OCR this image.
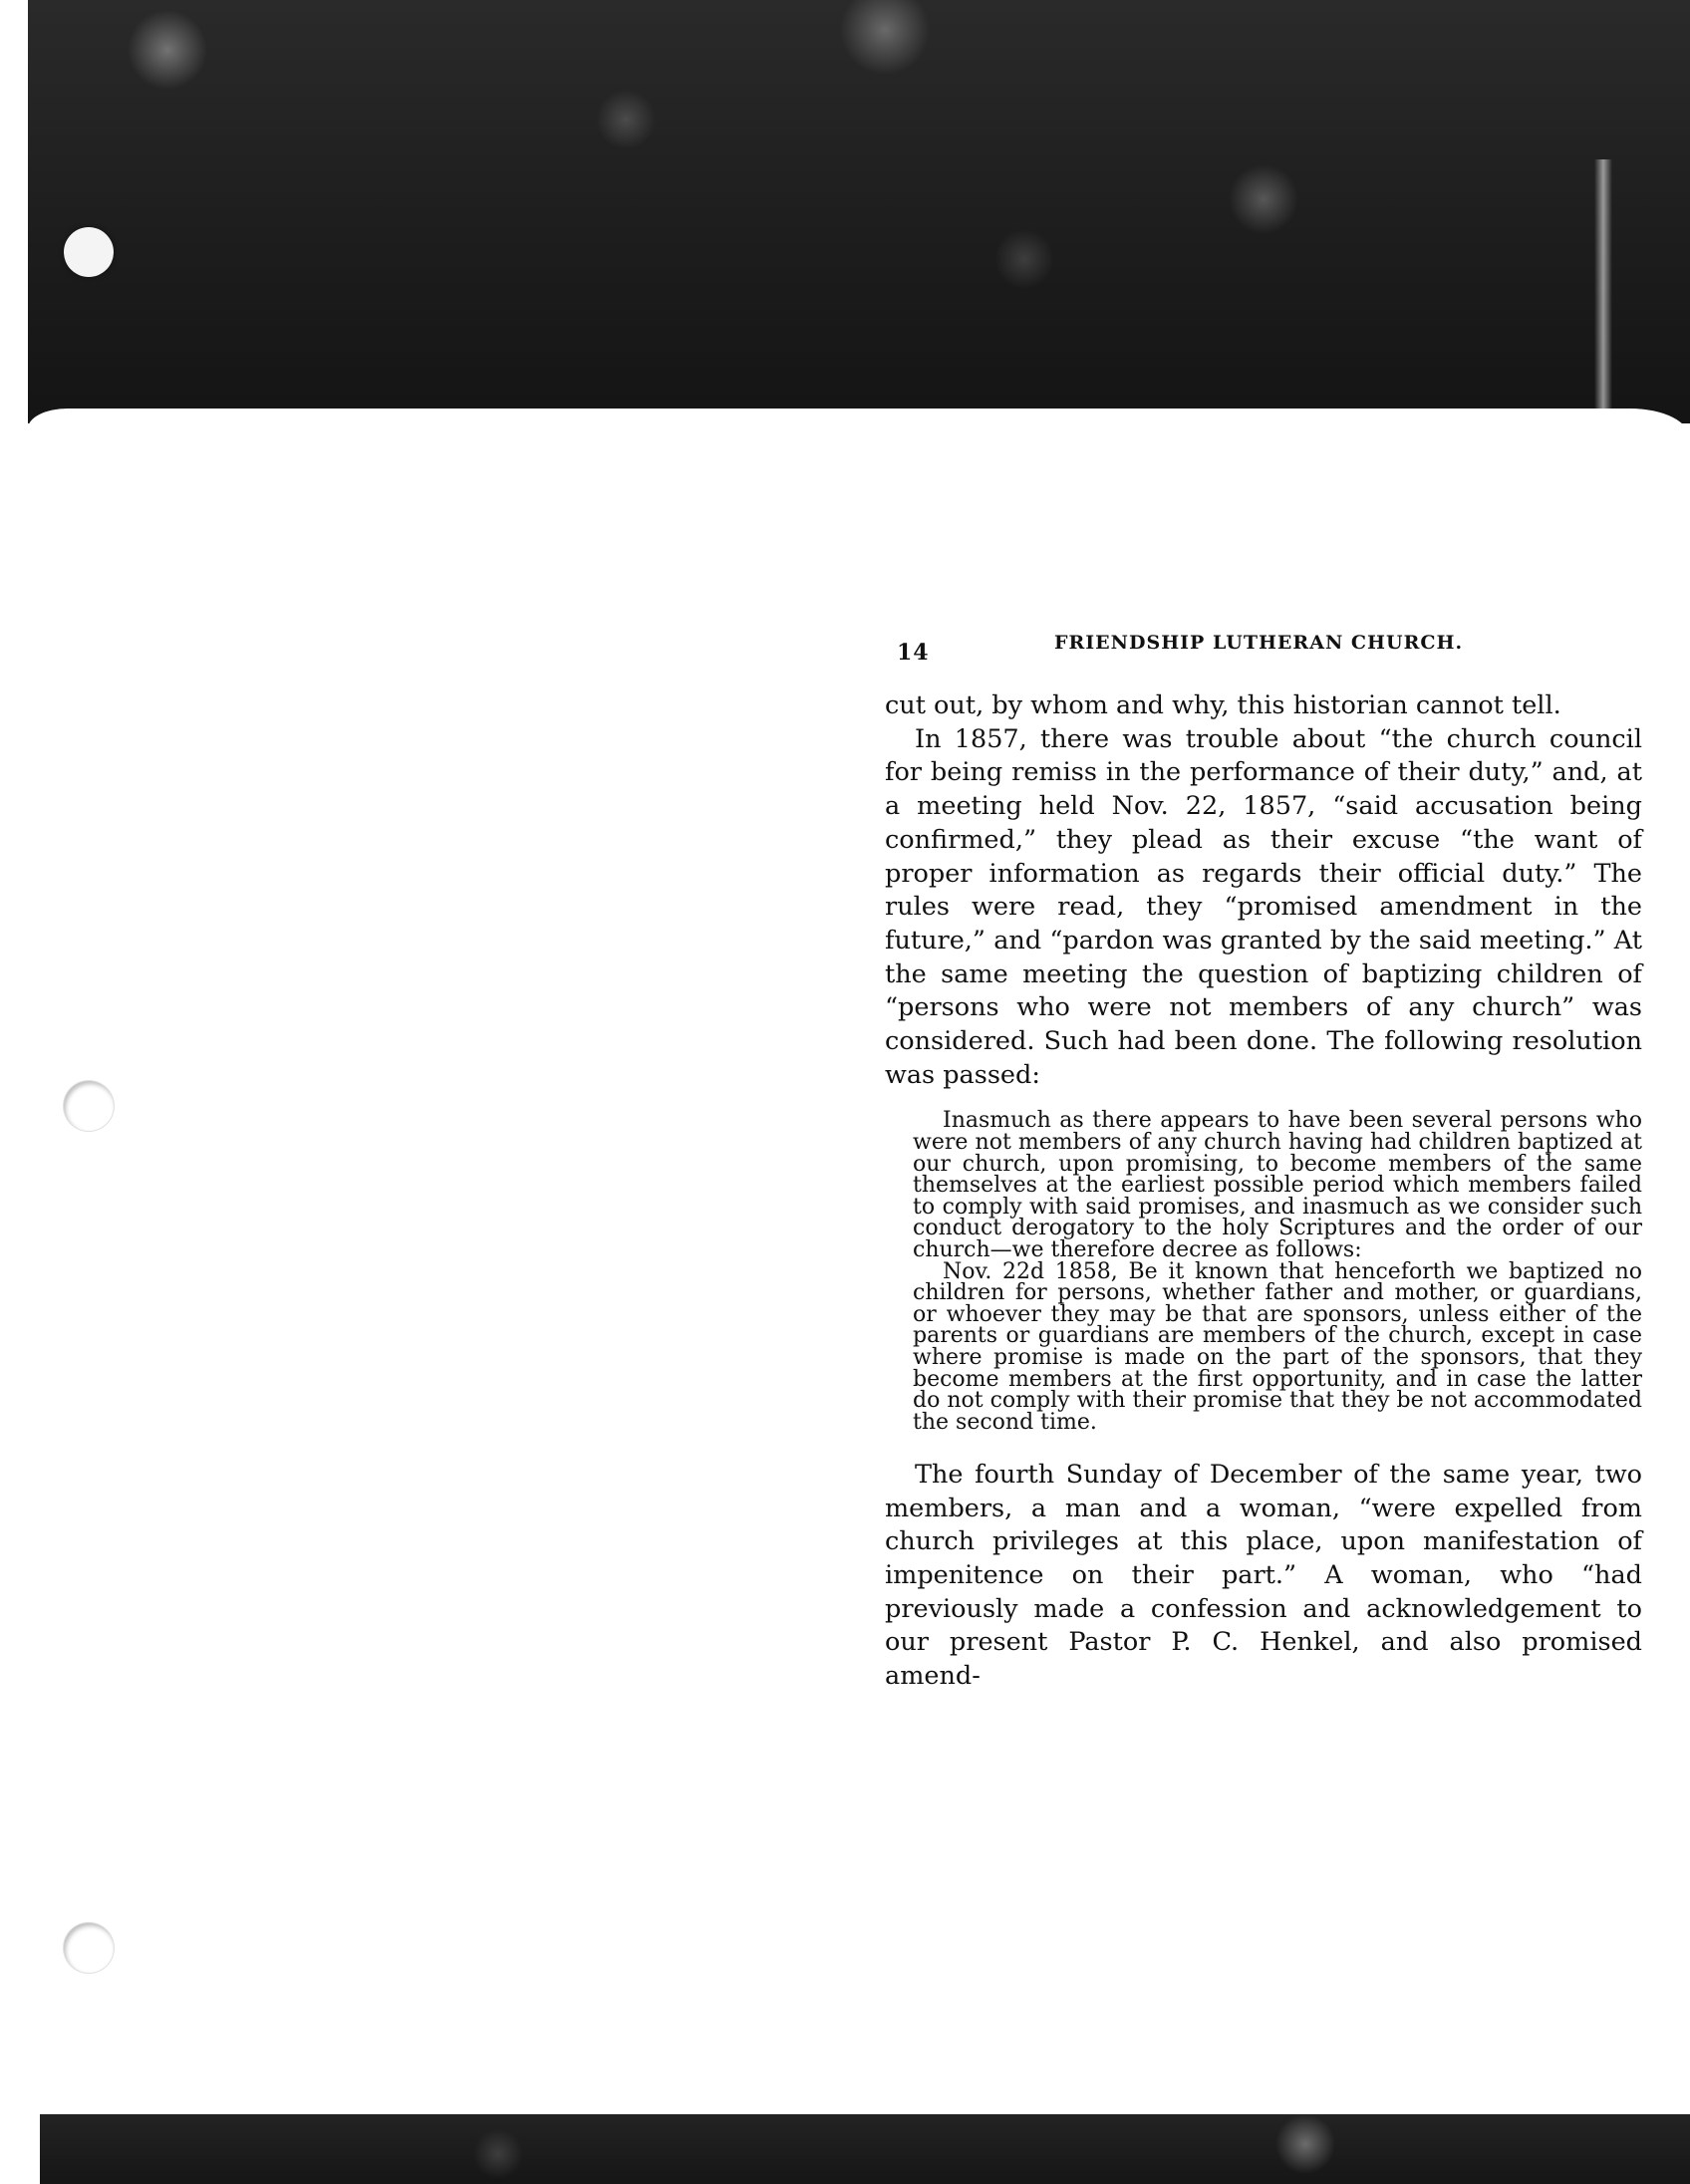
14	FRIENDSHIP LUTHERAN CHURCH.

cut out, by whom and why, this historian cannot tell.

In 1857, there was trouble about “the church council for being remiss in the performance of their duty,” and, at a meeting held Nov. 22, 1857, “said accusation being confirmed,” they plead as their excuse “the want of proper information as regards their official duty.” The rules were read, they “promised amendment in the future,” and “pardon was granted by the said meeting.” At the same meeting the question of baptizing children of “persons who were not members of any church” was considered. Such had been done. The following resolution was passed:

Inasmuch as there appears to have been several persons who were not members of any church having had children baptized at our church, upon promising, to become members of the same themselves at the earliest possible period which members failed to comply with said promises, and inasmuch as we consider such conduct derogatory to the holy Scriptures and the order of our church—we therefore decree as follows:

Nov. 22d 1858, Be it known that henceforth we baptized no children for persons, whether father and mother, or guardians, or whoever they may be that are sponsors, unless either of the parents or guardians are members of the church, except in case where promise is made on the part of the sponsors, that they become members at the first opportunity, and in case the latter do not comply with their promise that they be not accommodated the second time.

The fourth Sunday of December of the same year, two members, a man and a woman, “were expelled from church privileges at this place, upon manifestation of impenitence on their part.” A woman, who “had previously made a confession and acknowledgement to our present Pastor P. C. Henkel, and also promised amend-
